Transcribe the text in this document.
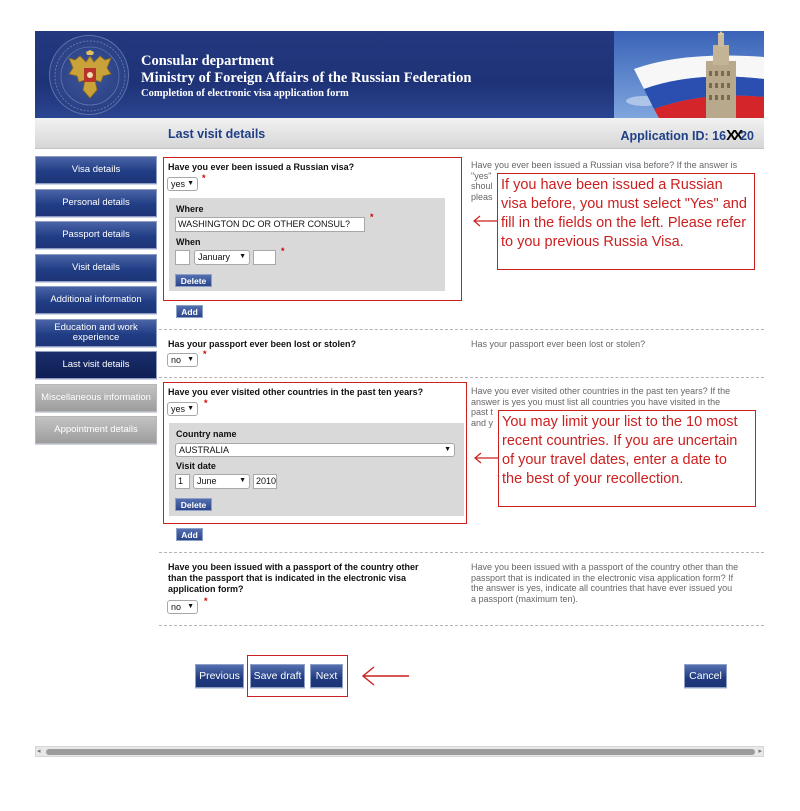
Consular department
Ministry of Foreign Affairs of the Russian Federation
Completion of electronic visa application form
Last visit details	Application ID: 16XX20
Visa details
Personal details
Passport details
Visit details
Additional information
Education and work experience
Last visit details
Miscellaneous information
Appointment details
Have you ever been issued a Russian visa?
yes ▼
*
Where
WASHINGTON DC OR OTHER CONSUL?
*
When
January ▼
*
Delete
Add
Have you ever been issued a Russian visa before? If the answer is
"yes"
shoul
pleas
If you have been issued a Russian visa before, you must select "Yes" and fill in the fields on the left. Please refer to you previous Russia Visa.
Has your passport ever been lost or stolen?
no ▼
*
Has your passport ever been lost or stolen?
Have you ever visited other countries in the past ten years?
yes ▼
*
Country name
AUSTRALIA	▼
Visit date
1	June	▼	2010
Delete
Add
Have you ever visited other countries in the past ten years? If the
answer is yes you must list all countries you have visited in the
past t
and y You may limit your list to the 10 most recent countries. If you are uncertain of your travel dates, enter a date to the best of your recollection.
Have you been issued with a passport of the country other
than the passport that is indicated in the electronic visa
application form?
no ▼
*
Have you been issued with a passport of the country other than the
passport that is indicated in the electronic visa application form? If
the answer is yes, indicate all countries that have ever issued you
a passport (maximum ten).
Previous	Save draft	Next	Cancel
◂	▸
